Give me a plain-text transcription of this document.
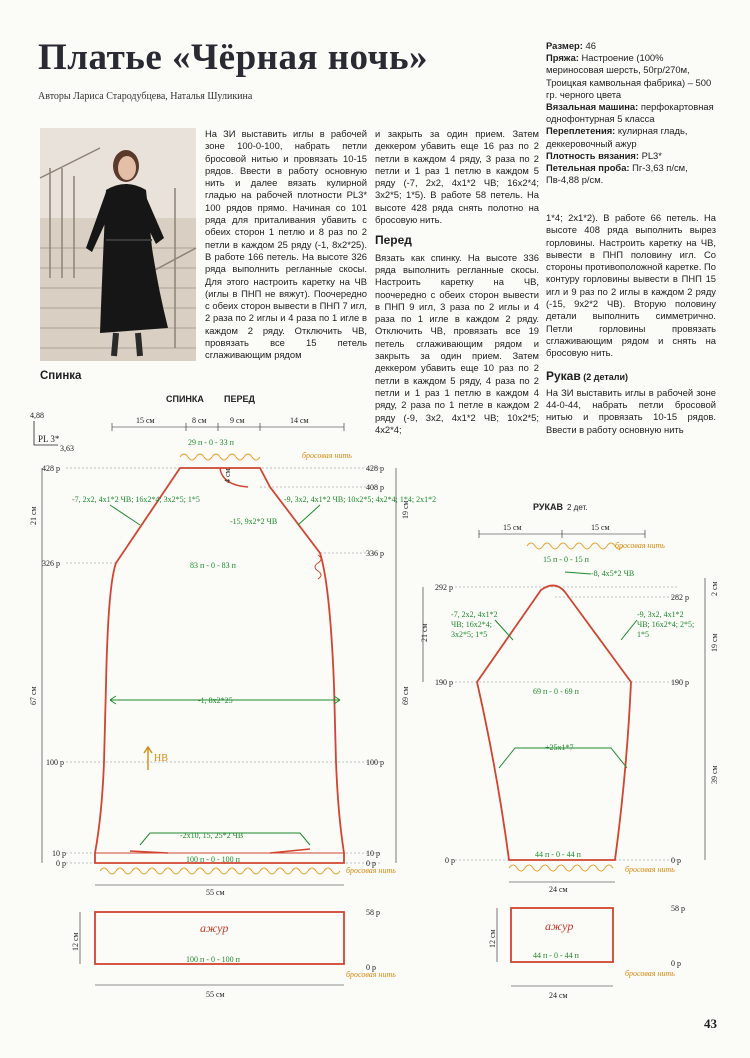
Платье «Чёрная ночь»
Авторы Лариса Стародубцева, Наталья Шуликина
Размер: 46
Пряжа: Настроение (100% мериносовая шерсть, 50гр/270м, Троицкая камвольная фабрика) – 500 гр. черного цвета
Вязальная машина: перфокартовная однофонтурная 5 класса
Переплетения: кулирная гладь, деккеровочный ажур
Плотность вязания: PL3*
Петельная проба: Пг-3,63 п/см, Пв-4,88 р/см.
На ЗИ выставить иглы в рабочей зоне 100-0-100, набрать петли бросовой нитью и провязать 10-15 рядов. Ввести в работу основную нить и далее вязать кулирной гладью на рабочей плотности PL3* 100 рядов прямо. Начиная со 101 ряда для приталивания убавить с обеих сторон 1 петлю и 8 раз по 2 петли в каждом 25 ряду (-1, 8х2*25). В работе 166 петель. На высоте 326 ряда выполнить регланные скосы. Для этого настроить каретку на ЧВ (иглы в ПНП не вяжут). Поочередно с обеих сторон вывести в ПНП 7 игл, 2 раза по 2 иглы и 4 раза по 1 игле в каждом 2 ряду. Отключить ЧВ, провязать все 15 петель сглаживающим рядом
и закрыть за один прием. Затем деккером убавить еще 16 раз по 2 петли в каждом 4 ряду, 3 раза по 2 петли и 1 раз 1 петлю в каждом 5 ряду (-7, 2х2, 4х1*2 ЧВ; 16х2*4; 3х2*5; 1*5). В работе 58 петель. На высоте 428 ряда снять полотно на бросовую нить.
Перед
Вязать как спинку. На высоте 336 ряда выполнить регланные скосы. Настроить каретку на ЧВ, поочередно с обеих сторон вывести в ПНП 9 игл, 3 раза по 2 иглы и 4 раза по 1 игле в каждом 2 ряду. Отключить ЧВ, провязать все 19 петель сглаживающим рядом и закрыть за один прием. Затем деккером убавить еще 10 раз по 2 петли в каждом 5 ряду, 4 раза по 2 петли и 1 раз 1 петлю в каждом 4 ряду, 2 раза по 1 петле в каждом 2 ряду (-9, 3х2, 4х1*2 ЧВ; 10х2*5; 4х2*4;
1*4; 2х1*2). В работе 66 петель. На высоте 408 ряда выполнить вырез горловины. Настроить каретку на ЧВ, вывести в ПНП половину игл. Со стороны противоположной каретке. По контуру горловины вывести в ПНП 15 игл и 9 раз по 2 иглы в каждом 2 ряду (-15, 9х2*2 ЧВ). Вторую половину детали выполнить симметрично. Петли горловины провязать сглаживающим рядом и снять на бросовую нить.
Рукав (2 детали)
На ЗИ выставить иглы в рабочей зоне 44-0-44, набрать петли бросовой нитью и провязать 10-15 рядов. Ввести в работу основную нить
Спинка
СПИНКА ПЕРЕД
4,88
PL 3*
3,63
15 см	8 см	9 см	14 см
29 п - 0 - 33 п
бросовая нить
428 р
326 р
100 р
10 р
0 р
428 р
408 р
336 р
100 р
10 р
0 р
21 см
67 см
19 см
69 см
4 см
83 п - 0 - 83 п
-7, 2х2, 4х1*2 ЧВ; 16х2*4; 3х2*5; 1*5	-9, 3х2, 4х1*2 ЧВ; 10х2*5; 4х2*4; 1*4; 2х1*2
-15, 9х2*2 ЧВ
-1, 8х2*25
-2х10, 15, 25*2 ЧВ
НВ
100 п - 0 - 100 п
бросовая нить
55 см
ажур
100 п - 0 - 100 п
58 р
0 р
12 см
бросовая нить
55 см
РУКАВ 2 дет.
15 см	15 см
бросовая нить
15 п - 0 - 15 п
-8, 4х5*2 ЧВ
292 р
190 р
0 р
282 р
190 р
0 р
21 см
2 см
19 см
39 см
-7, 2х2, 4х1*2 ЧВ; 16х2*4; 3х2*5; 1*5
-9, 3х2, 4х1*2 ЧВ; 16х2*4; 2*5; 1*5
69 п - 0 - 69 п
+25х1*7
44 п - 0 - 44 п
бросовая нить
24 см
ажур
44 п - 0 - 44 п
58 р
0 р
12 см
бросовая нить
24 см
43
